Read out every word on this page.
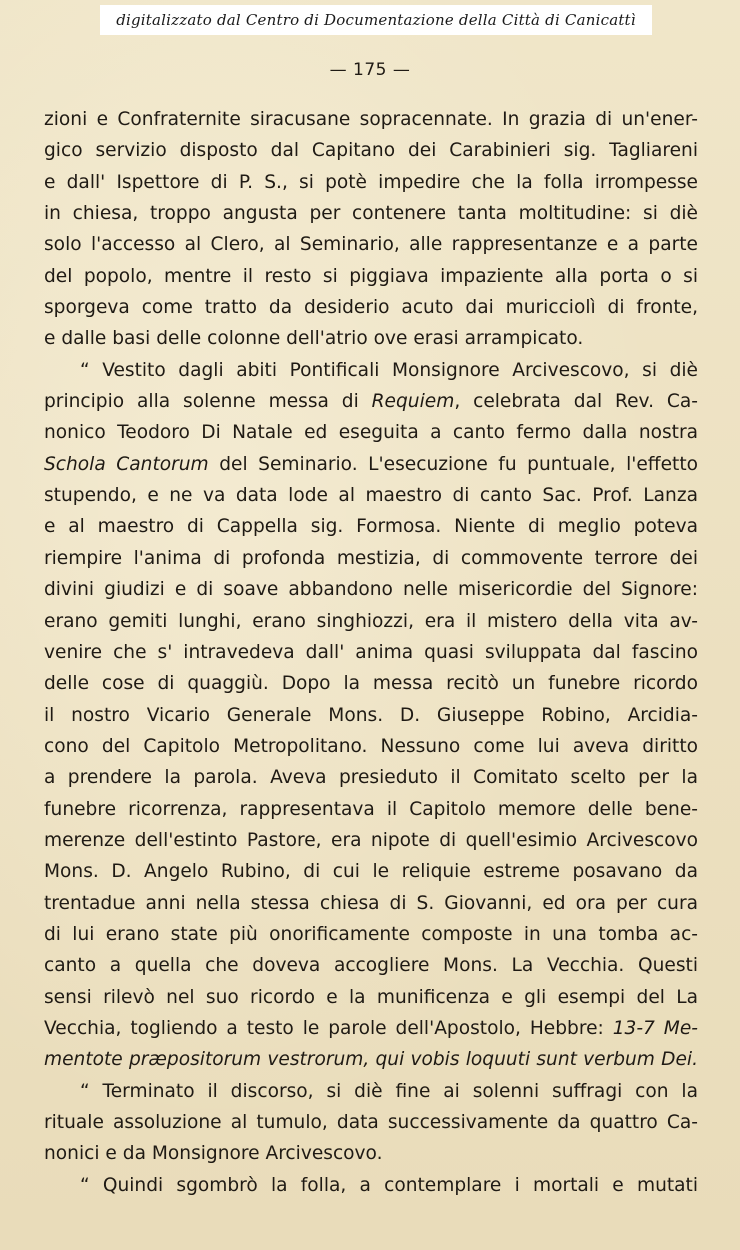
digitalizzato dal Centro di Documentazione della Città di Canicattì
— 175 —
zioni e Confraternite siracusane sopracennate. In grazia di un'ener-
gico servizio disposto dal Capitano dei Carabinieri sig. Tagliareni
e dall' Ispettore di P. S., si potè impedire che la folla irrompesse
in chiesa, troppo angusta per contenere tanta moltitudine: si diè
solo l'accesso al Clero, al Seminario, alle rappresentanze e a parte
del popolo, mentre il resto si piggiava impaziente alla porta o si
sporgeva come tratto da desiderio acuto dai muricciolì di fronte,
e dalle basi delle colonne dell'atrio ove erasi arrampicato.
“ Vestito dagli abiti Pontificali Monsignore Arcivescovo, si diè
principio alla solenne messa di Requiem, celebrata dal Rev. Ca-
nonico Teodoro Di Natale ed eseguita a canto fermo dalla nostra
Schola Cantorum del Seminario. L'esecuzione fu puntuale, l'effetto
stupendo, e ne va data lode al maestro di canto Sac. Prof. Lanza
e al maestro di Cappella sig. Formosa. Niente di meglio poteva
riempire l'anima di profonda mestizia, di commovente terrore dei
divini giudizi e di soave abbandono nelle misericordie del Signore:
erano gemiti lunghi, erano singhiozzi, era il mistero della vita av-
venire che s' intravedeva dall' anima quasi sviluppata dal fascino
delle cose di quaggiù. Dopo la messa recitò un funebre ricordo
il nostro Vicario Generale Mons. D. Giuseppe Robino, Arcidia-
cono del Capitolo Metropolitano. Nessuno come lui aveva diritto
a prendere la parola. Aveva presieduto il Comitato scelto per la
funebre ricorrenza, rappresentava il Capitolo memore delle bene-
merenze dell'estinto Pastore, era nipote di quell'esimio Arcivescovo
Mons. D. Angelo Rubino, di cui le reliquie estreme posavano da
trentadue anni nella stessa chiesa di S. Giovanni, ed ora per cura
di lui erano state più onorificamente composte in una tomba ac-
canto a quella che doveva accogliere Mons. La Vecchia. Questi
sensi rilevò nel suo ricordo e la munificenza e gli esempi del La
Vecchia, togliendo a testo le parole dell'Apostolo, Hebbre: 13-7 Me-
mentote præpositorum vestrorum, qui vobis loquuti sunt verbum Dei.
“ Terminato il discorso, si diè fine ai solenni suffragi con la
rituale assoluzione al tumulo, data successivamente da quattro Ca-
nonici e da Monsignore Arcivescovo.
“ Quindi sgombrò la folla, a contemplare i mortali e mutati
